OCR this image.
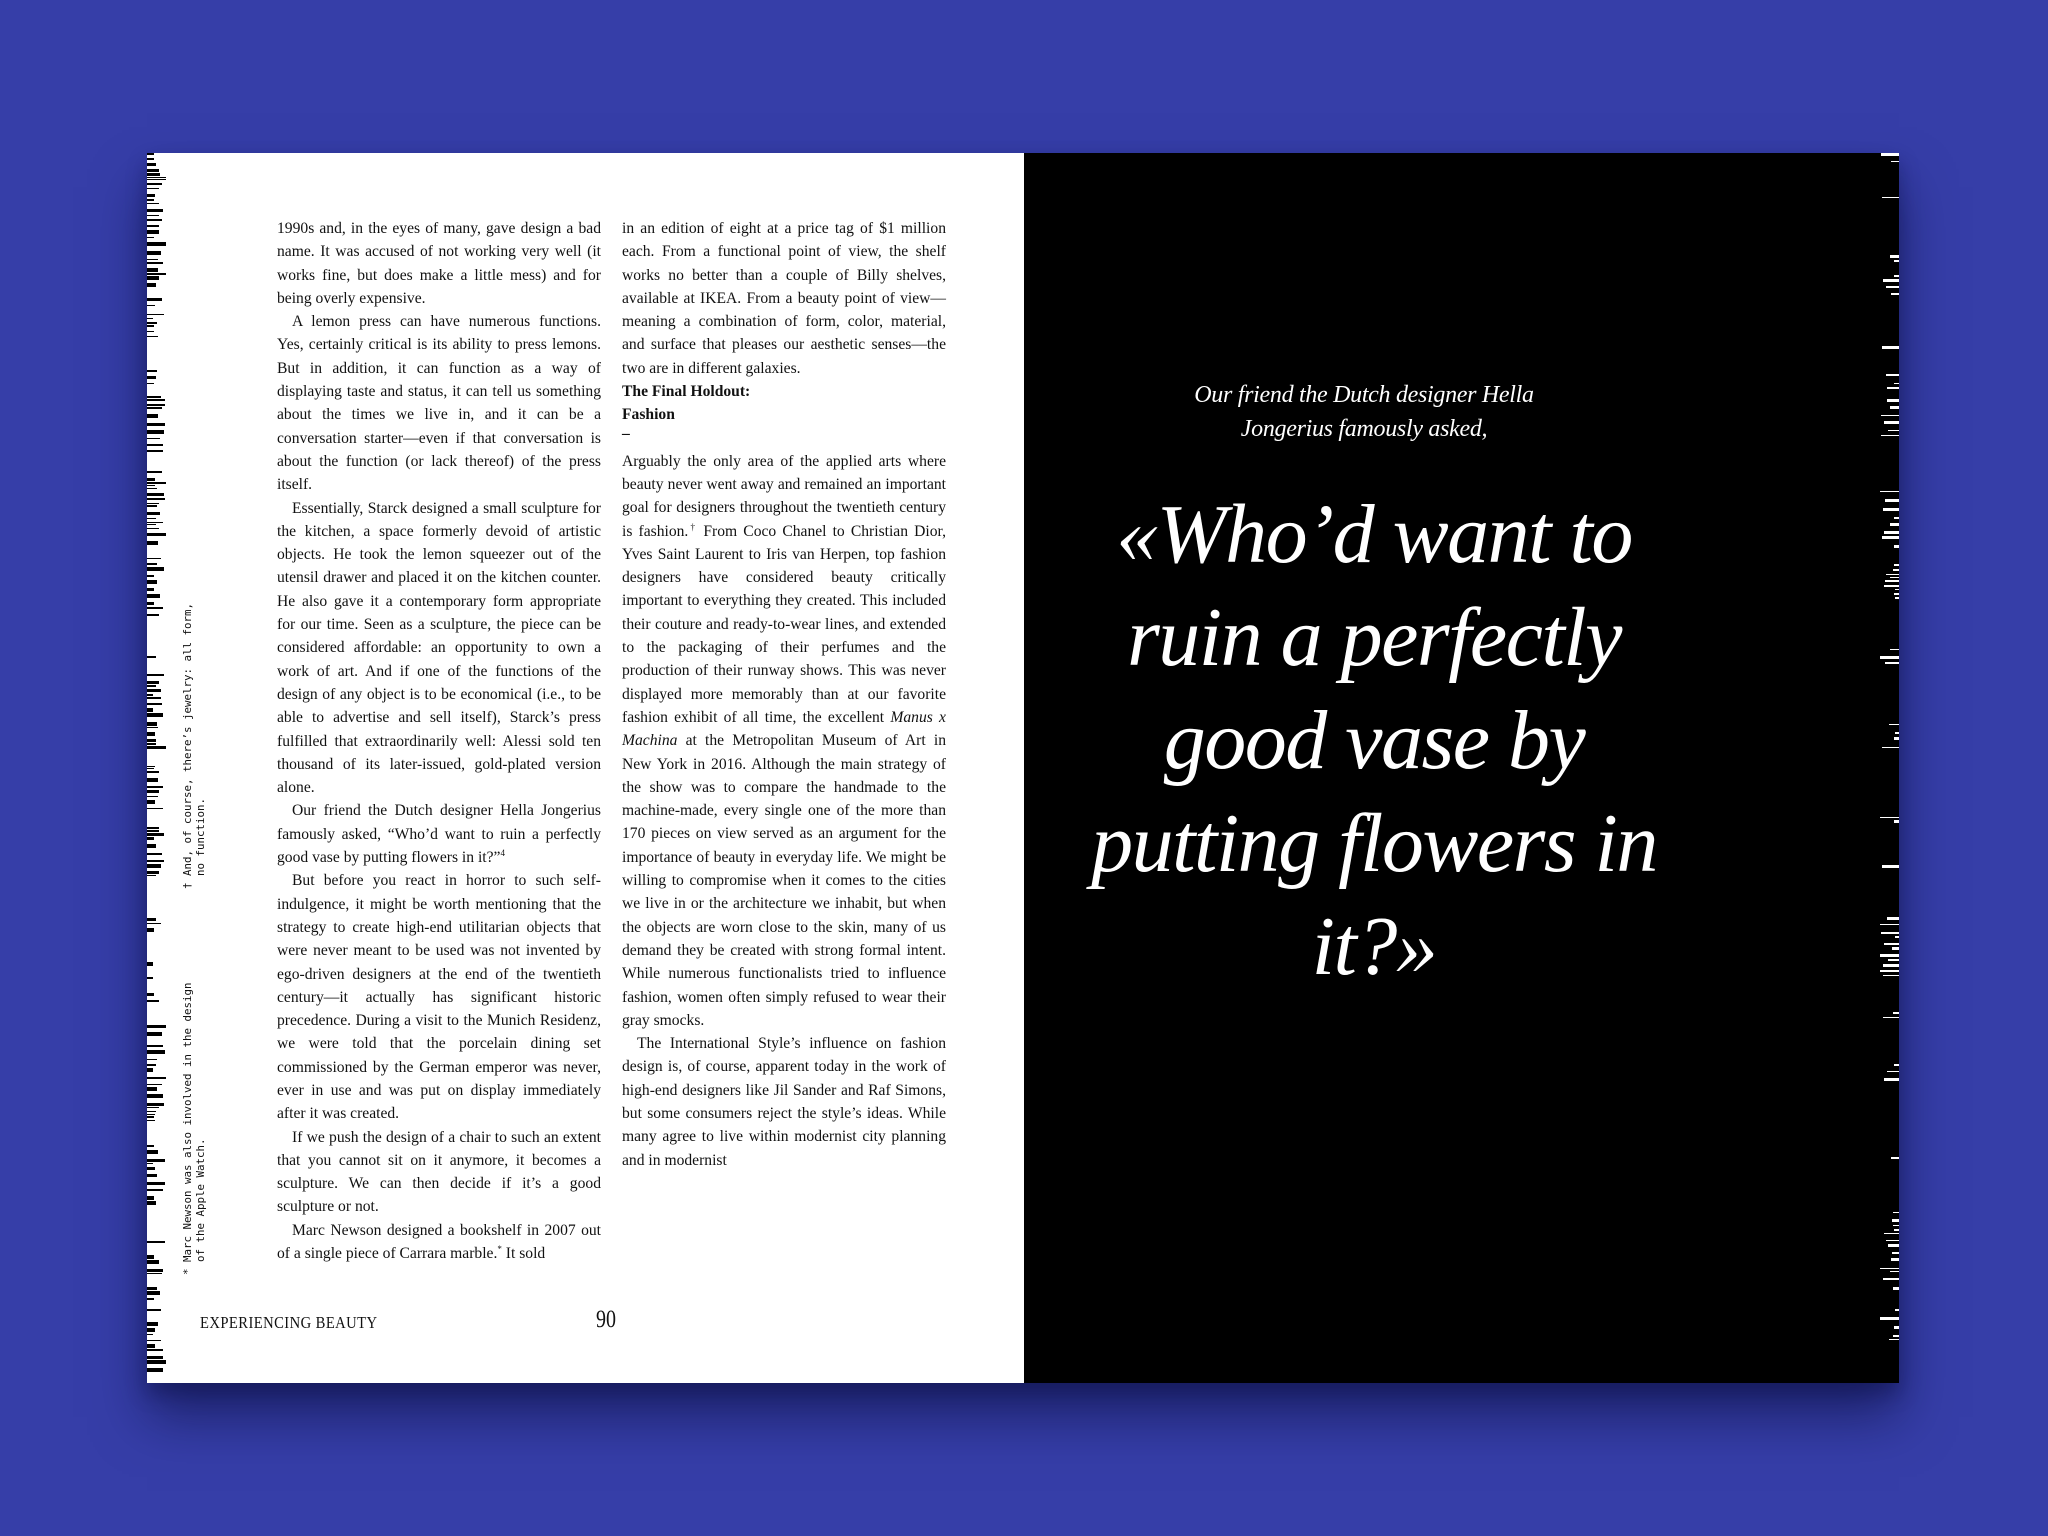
* Marc Newson was also involved in the design
of the Apple Watch.
† And, of course, there’s jewelry: all form,
no function.

1990s and, in the eyes of many, gave design a bad name. It was accused of not working very well (it works fine, but does make a little mess) and for being overly expensive.

A lemon press can have numerous functions. Yes, certainly critical is its ability to press lemons. But in addition, it can function as a way of displaying taste and status, it can tell us something about the times we live in, and it can be a conversation starter—even if that conversation is about the function (or lack thereof) of the press itself.

Essentially, Starck designed a small sculpture for the kitchen, a space formerly devoid of artistic objects. He took the lemon squeezer out of the utensil drawer and placed it on the kitchen counter. He also gave it a contemporary form appropriate for our time. Seen as a sculpture, the piece can be considered affordable: an opportunity to own a work of art. And if one of the functions of the design of any object is to be economical (i.e., to be able to advertise and sell itself), Starck’s press fulfilled that extraordinarily well: Alessi sold ten thousand of its later-issued, gold-plated version alone.

Our friend the Dutch designer Hella Jongerius famously asked, “Who’d want to ruin a perfectly good vase by putting flowers in it?”$^4$

But before you react in horror to such self-indulgence, it might be worth mentioning that the strategy to create high-end utilitarian objects that were never meant to be used was not invented by ego-driven designers at the end of the twentieth century—it actually has significant historic precedence. During a visit to the Munich Residenz, we were told that the porcelain dining set commissioned by the German emperor was never, ever in use and was put on display immediately after it was created.

If we push the design of a chair to such an extent that you cannot sit on it anymore, it becomes a sculpture. We can then decide if it’s a good sculpture or not.

Marc Newson designed a bookshelf in 2007 out of a single piece of Carrara marble.* It sold

in an edition of eight at a price tag of $1 million each. From a functional point of view, the shelf works no better than a couple of Billy shelves, available at IKEA. From a beauty point of view—meaning a combination of form, color, material, and surface that pleases our aesthetic senses—the two are in different galaxies.

The Final Holdout:
Fashion

–

Arguably the only area of the applied arts where beauty never went away and remained an important goal for designers throughout the twentieth century is fashion.† From Coco Chanel to Christian Dior, Yves Saint Laurent to Iris van Herpen, top fashion designers have considered beauty critically important to everything they created. This included their couture and ready-to-wear lines, and extended to the packaging of their perfumes and the production of their runway shows. This was never displayed more memorably than at our favorite fashion exhibit of all time, the excellent Manus x Machina at the Metropolitan Museum of Art in New York in 2016. Although the main strategy of the show was to compare the handmade to the machine-made, every single one of the more than 170 pieces on view served as an argument for the importance of beauty in everyday life. We might be willing to compromise when it comes to the cities we live in or the architecture we inhabit, but when the objects are worn close to the skin, many of us demand they be created with strong formal intent. While numerous functionalists tried to influence fashion, women often simply refused to wear their gray smocks.

The International Style’s influence on fashion design is, of course, apparent today in the work of high-end designers like Jil Sander and Raf Simons, but some consumers reject the style’s ideas. While many agree to live within modernist city planning and in modernist

EXPERIENCING BEAUTY	90
Our friend the Dutch designer Hella Jongerius famously asked,
«Who’d want to ruin a perfectly good vase by putting flowers in it?»
